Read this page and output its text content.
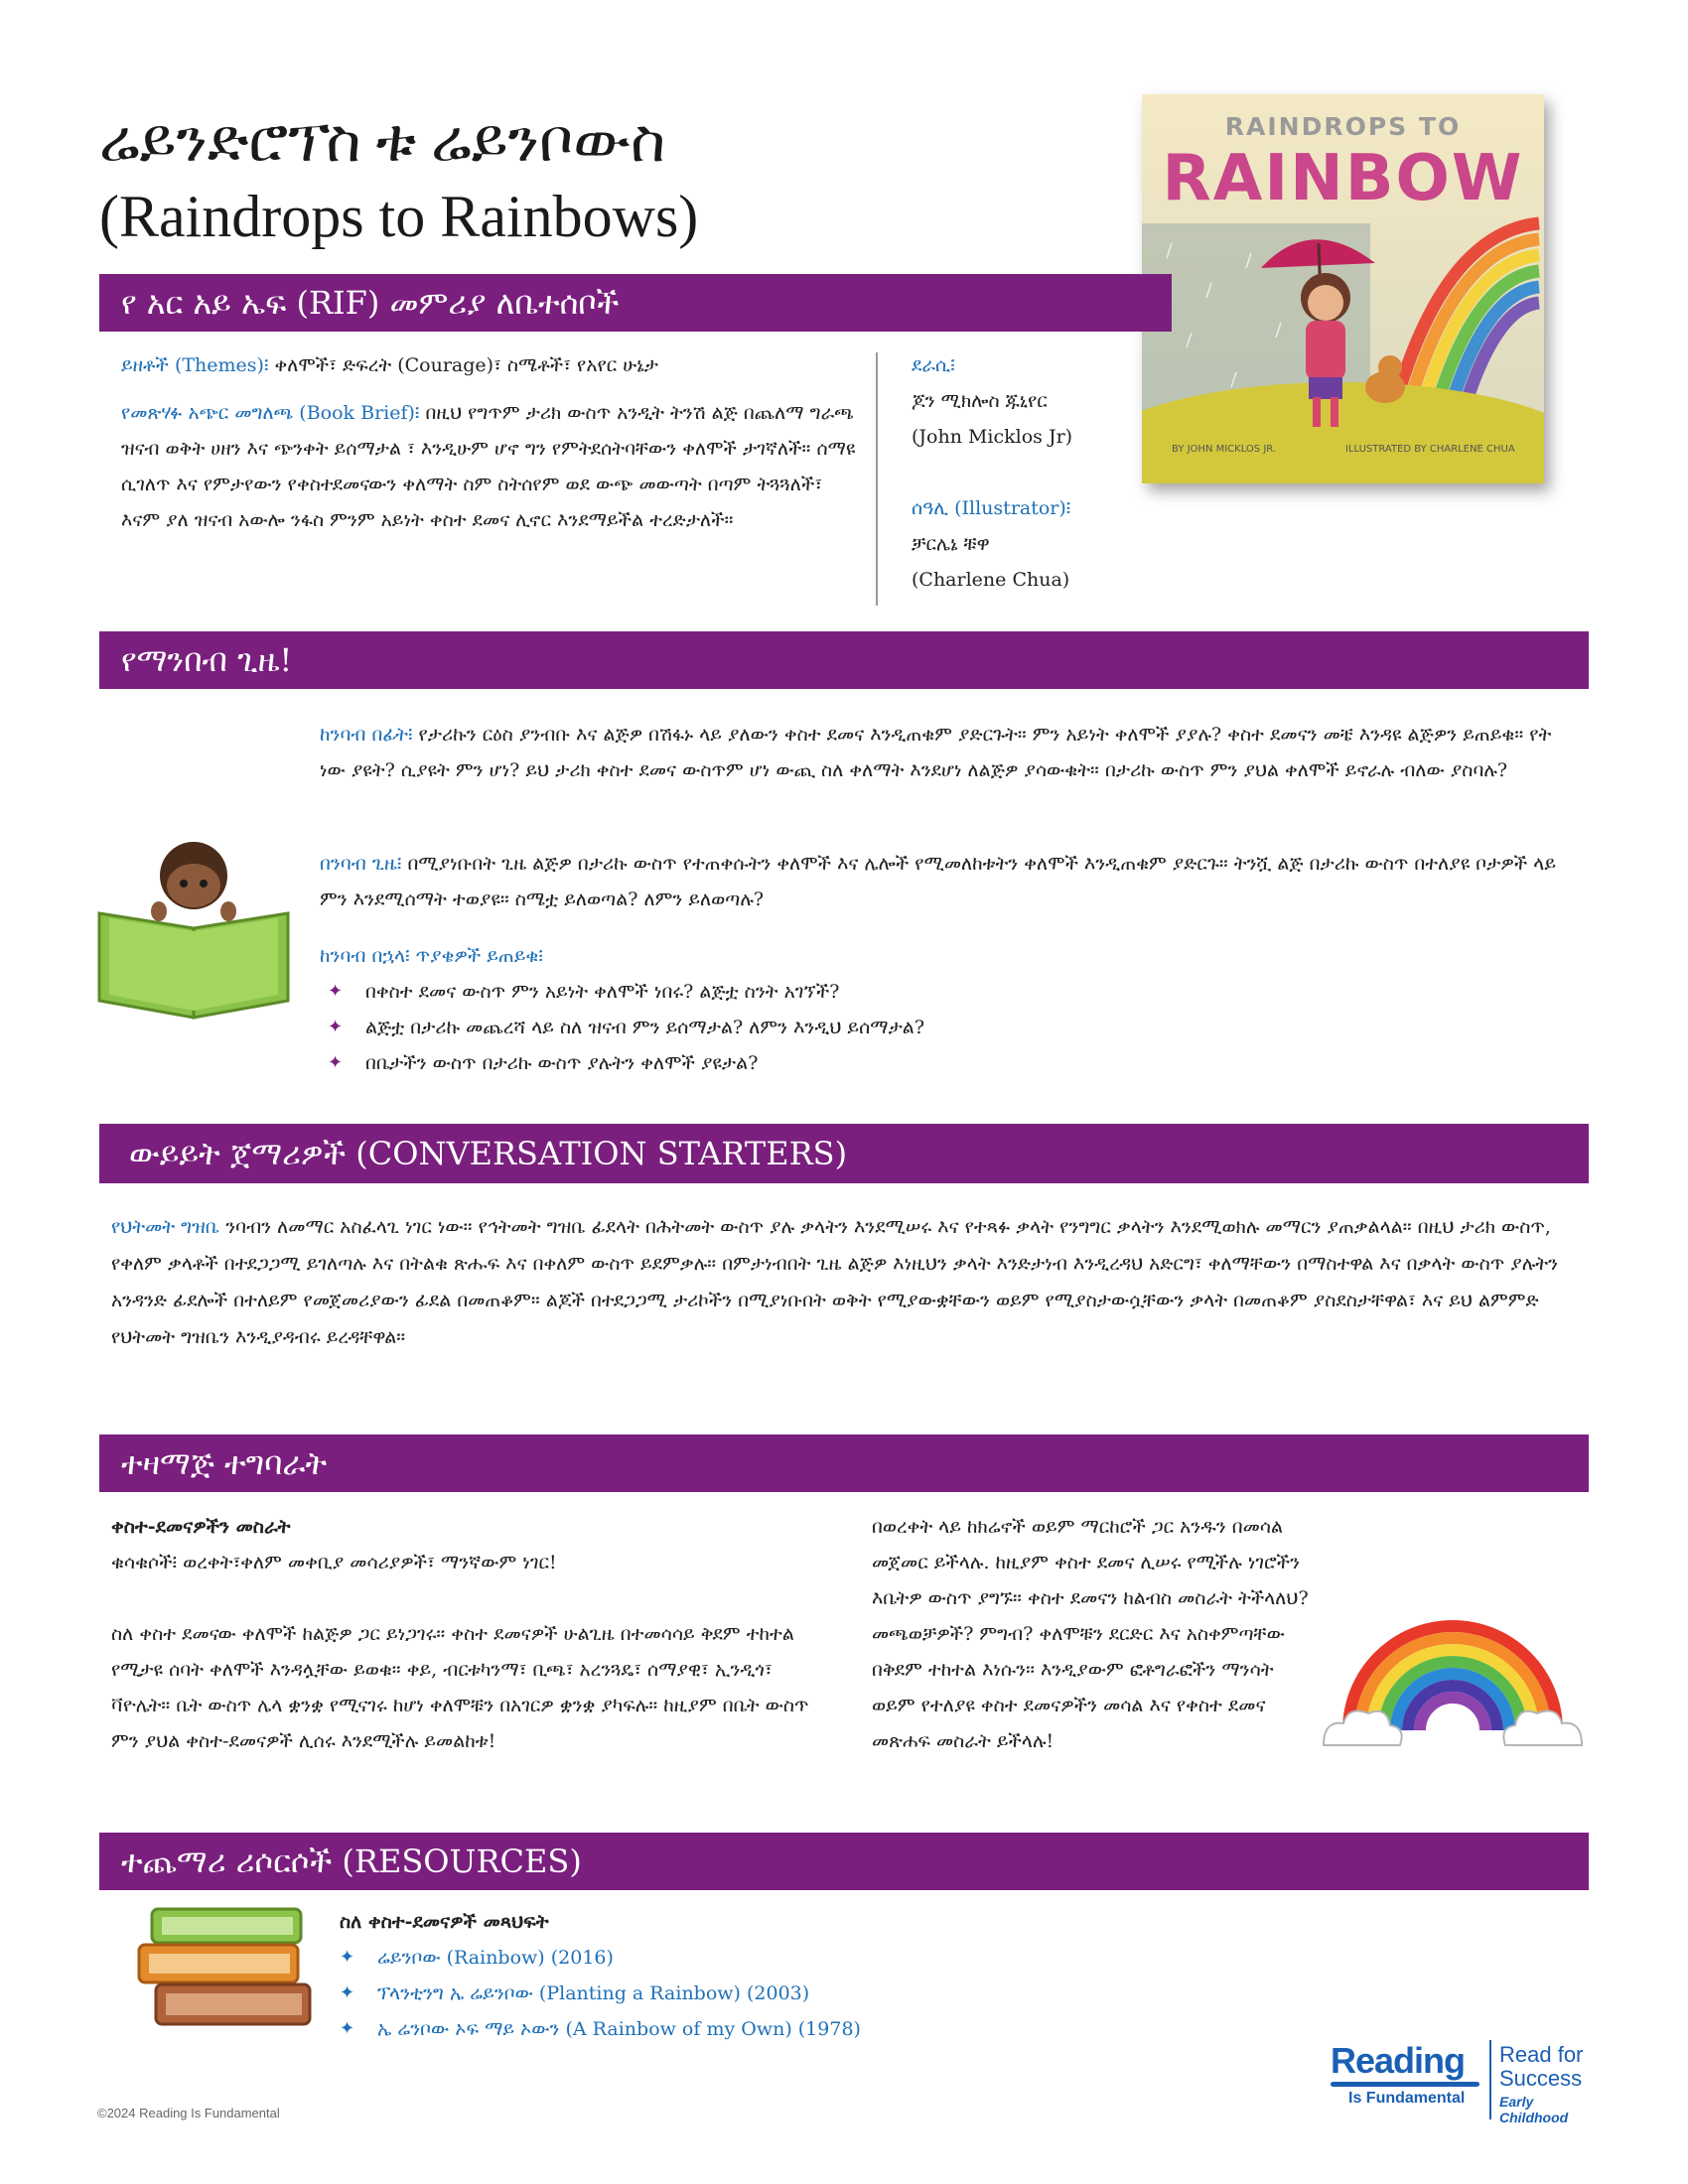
ሬይንድሮፕስ ቱ ሬይንቦውስ
(Raindrops to Rainbows)
RAINDROPS TO
RAINBOW
BY JOHN MICKLOS JR.	ILLUSTRATED BY CHARLENE CHUA
የ አር አይ ኤፍ (RIF) መምሪያ ለቤተሰቦች
ይዘቶች (Themes)፧ ቀለሞች፣ ድፍረት (Courage)፣ ስሜቶች፣ የአየር ሁኔታ
የመጽሃፉ አጭር መግለጫ (Book Brief)፧ በዚህ የግጥም ታሪክ ውስጥ አንዲት ትንሽ ልጅ በጨለማ ግራጫ ዝናብ ወቅት ሀዘን እና ጭንቀት ይሰማታል ፣ እንዲሁም ሆኖ ግን የምትደሰትባቸውን ቀለሞች ታገኛለች። ሰማዩ ሲገለጥ እና የምታየውን የቀስተደመናውን ቀለማት ስም ስትሰየም ወደ ውጭ መውጣት በጣም ትጓጓለች፣ እናም ያለ ዝናብ አውሎ ንፋስ ምንም አይነት ቀስተ ደመና ሊኖር እንደማይችል ተረድታለች።
ደራሲ፧
ጆን ሚክሎስ ጁኒየር
(John Micklos Jr)
ሰዓሊ (Illustrator)፧
ቻርሌኔ ቹዋ
(Charlene Chua)
የማንበብ ጊዜ!
ከንባብ በፊት፧ የታሪኩን ርዕስ ያንብቡ እና ልጅዎ በሽፋኑ ላይ ያለውን ቀስተ ደመና እንዲጠቁም ያድርጉት። ምን አይነት ቀለሞች ያያሉ? ቀስተ ደመናን መቼ እንዳዩ ልጅዎን ይጠይቁ። የት ነው ያዩት? ሲያዩት ምን ሆነ? ይህ ታሪክ ቀስተ ደመና ውስጥም ሆነ ውጪ ስለ ቀለማት እንደሆነ ለልጅዎ ያሳውቁት። በታሪኩ ውስጥ ምን ያህል ቀለሞች ይኖራሉ ብለው ያስባሉ?
በንባብ ጊዜ፧ በሚያነቡበት ጊዜ ልጅዎ በታሪኩ ውስጥ የተጠቀሱትን ቀለሞች እና ሌሎች የሚመለከቱትን ቀለሞች እንዲጠቁም ያድርጉ። ትንሿ ልጅ በታሪኩ ውስጥ በተለያዩ ቦታዎች ላይ ምን እንደሚሰማት ተወያዩ። ስሜቷ ይለወጣል? ለምን ይለወጣሉ?
ከንባብ በኋላ፧ ጥያቄዎች ይጠይቁ፧
✦ በቀስተ ደመና ውስጥ ምን አይነት ቀለሞች ነበሩ? ልጅቷ ስንት አገኘች?
✦ ልጅቷ በታሪኩ መጨረሻ ላይ ስለ ዝናብ ምን ይሰማታል? ለምን እንዲህ ይሰማታል?
✦ በቤታችን ውስጥ በታሪኩ ውስጥ ያሉትን ቀለሞች ያዩታል?
ውይይት ጀማሪዎች (CONVERSATION STARTERS)
የህትመት ግዝቤ ንባብን ለመማር አስፈላጊ ነገር ነው። የኅትመት ግዝቤ ፊደላት በሕትመት ውስጥ ያሉ ቃላትን እንደሚሠሩ እና የተጻፉ ቃላት የንግግር ቃላትን እንደሚወክሉ መማርን ያጠቃልላል። በዚህ ታሪክ ውስጥ, የቀለም ቃላቶች በተደጋጋሚ ይገለጣሉ እና በትልቁ ጽሑፍ እና በቀለም ውስጥ ይደምቃሉ። በምታነብበት ጊዜ ልጅዎ እነዚህን ቃላት እንድታነብ እንዲረዳህ አድርግ፣ ቀለማቸውን በማስተዋል እና በቃላት ውስጥ ያሉትን አንዳንድ ፊደሎች በተለይም የመጀመሪያውን ፊደል በመጠቆም። ልጆች በተደጋጋሚ ታሪኮችን በሚያነቡበት ወቅት የሚያውቋቸውን ወይም የሚያስታውሷቸውን ቃላት በመጠቆም ያስደስታቸዋል፣ እና ይህ ልምምድ የህትመት ግዝቤን እንዲያዳብሩ ይረዳቸዋል።
ተዛማጅ ተግባራት
ቀስተ-ደመናዎችን መስራት
ቁሳቁሶች፧ ወረቀት፣ቀለም መቀቢያ መሳሪያዎች፣ ማንኛውም ነገር!
ስለ ቀስተ ደመናው ቀለሞች ከልጅዎ ጋር ይነጋገሩ። ቀስተ ደመናዎች ሁልጊዜ በተመሳሳይ ቅደም ተከተል የሚታዩ ሰባት ቀለሞች እንዳሏቸው ይወቁ። ቀይ, ብርቱካንማ፣ ቢጫ፣ አረንጓዴ፣ ሰማያዊ፣ ኢንዲጎ፣ ቫዮሌት። ቤት ውስጥ ሌላ ቋንቋ የሚናገሩ ከሆነ ቀለሞቹን በአገርዎ ቋንቋ ያካፍሉ። ከዚያም በቤት ውስጥ ምን ያህል ቀስተ-ደመናዎች ሊሰሩ እንደሚችሉ ይመልከቱ!
በወረቀት ላይ ከክሬኖች ወይም ማርከሮች ጋር አንዱን በመሳል መጀመር ይችላሉ. ከዚያም ቀስተ ደመና ሊሠሩ የሚችሉ ነገሮችን እቤትዎ ውስጥ ያግኙ። ቀስተ ደመናን ከልብስ መስራት ትችላለህ? መጫወቻዎች? ምግብ? ቀለሞቹን ደርድር እና አስቀምጣቸው በቅደም ተከተል እነሱን። እንዲያውም ፎቶግራፎችን ማንሳት ወይም የተለያዩ ቀስተ ደመናዎችን መሳል እና የቀስተ ደመና መጽሐፍ መስራት ይችላሉ!
ተጨማሪ ሪሶርሶች (RESOURCES)
ስለ ቀስተ-ደመናዎች መጻህፍት
✦ ሬይንቦው (Rainbow) (2016)
✦ ፕላንቲንግ ኤ ሬይንቦው (Planting a Rainbow) (2003)
✦ ኤ ሬንቦው ኦፍ ማይ ኦውን (A Rainbow of my Own) (1978)
©2024 Reading Is Fundamental
Reading
Is Fundamental
Read for
Success
Early Childhood
